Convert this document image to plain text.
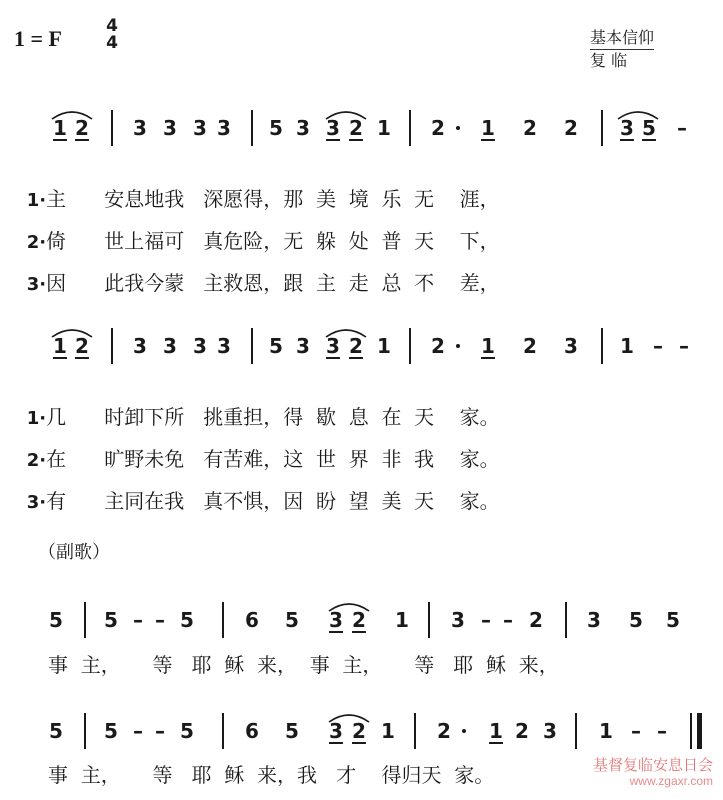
1 = F	4
4	基本信仰
复 临
1 2 3 3 3 3 5 3 3 2 1 2 1 2 2 3 5 –

1·主      安息地我   深愿得，那  美  境  乐  无    涯，

2·倚      世上福可   真危险，无  躲  处  普  天    下，

3·因      此我今蒙   主救恩，跟  主  走  总  不    差，

1 2 3 3 3 3 5 3 3 2 1 2 1 2 3 1 – –

1·几      时卸下所   挑重担，得  歇  息  在  天    家。

2·在      旷野未免   有苦难，这  世  界  非  我    家。

3·有      主同在我   真不惧，因  盼  望  美  天    家。

（副歌）
5 5 – – 5	6 5 3 2 1 3 – – 2 3 5 5
事  主，     等   耶  稣  来，  事  主，     等   耶  稣  来，
5 5 – – 5	6 5 3 2 1 2 1 2 3 1 – –
事  主，     等   耶  稣  来，我   才    得归天  家。	基督复临安息日会
www.zgaxr.com
